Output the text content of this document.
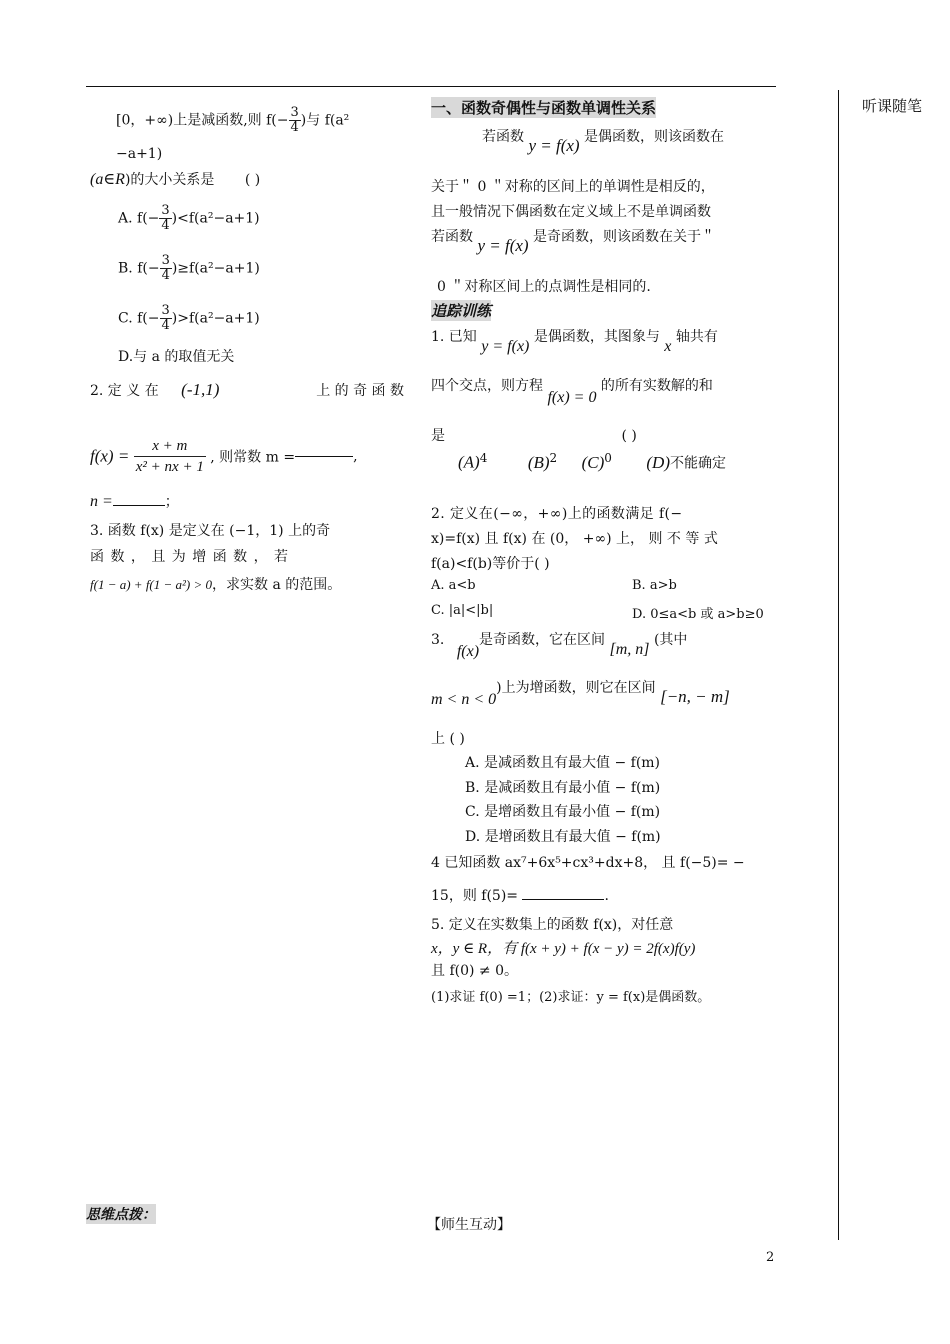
听课随笔
[0，+∞)上是减函数,则 $f(- \frac{3}{4}$ )与 f(a²
−a+1)
(a∈R)的大小关系是 ( )
A. $f(- \frac{3}{4} )<f(a^2-a+1)$
B. $f(- \frac{3}{4} )\ge f(a^2-a+1)$
C. $f(- \frac{3}{4} )>f(a^2-a+1)$
D.与 a 的取值无关
2. 定 义 在 (-1,1)	上 的 奇 函 数
$f(x) = \frac{x + m}{\text{x² + nx + 1}}$ , 则常数 m =	,
n =	；
3. 函数 f(x) 是定义在 (−1，1) 上的奇
函 数 ， 且 为 增 函 数 ， 若
f(1 − a) + f(1 − a²) > 0，求实数 a 的范围。
一、函数奇偶性与函数单调性关系
若函数 y = f(x) 是偶函数，则该函数在
关于＂ 0 ＂对称的区间上的单调性是相反的，
且一般情况下偶函数在定义域上不是单调函数
若函数 y = f(x) 是奇函数，则该函数在关于＂
0 ＂对称区间上的点调性是相同的.
追踪训练
1. 已知 y = f(x) 是偶函数，其图象与 x 轴共有
四个交点，则方程 f(x) = 0 的所有实数解的和
是	( )
$(A)^4$ $(B)^2$ $(C)^0$ (D)不能确定
2. 定义在(−∞，+∞)上的函数满足 f(−
x)=f(x) 且 f(x) 在 (0， +∞) 上， 则 不 等 式
f(a)<f(b)等价于( )
A. a<b	B. a>b
C. |a|<|b|	D. 0≤a<b 或 a>b≥0
3. f(x)是奇函数，它在区间 [m, n] (其中
m < n < 0)上为增函数，则它在区间 [−n, − m]
上 ( )
A. 是减函数且有最大值 − f(m)
B. 是减函数且有最小值 − f(m)
C. 是增函数且有最小值 − f(m)
D. 是增函数且有最大值 − f(m)
4 已知函数 ax⁷+6x⁵+cx³+dx+8， 且 f(−5)= −
15，则 f(5)=	.
5. 定义在实数集上的函数 f(x)，对任意
x，y ∈ R，有 f(x + y) + f(x − y) = 2f(x)f(y)
且 f(0) ≠ 0。
(1)求证 f(0) =1；(2)求证：y = f(x)是偶函数。
思维点拨：
【师生互动】
2
